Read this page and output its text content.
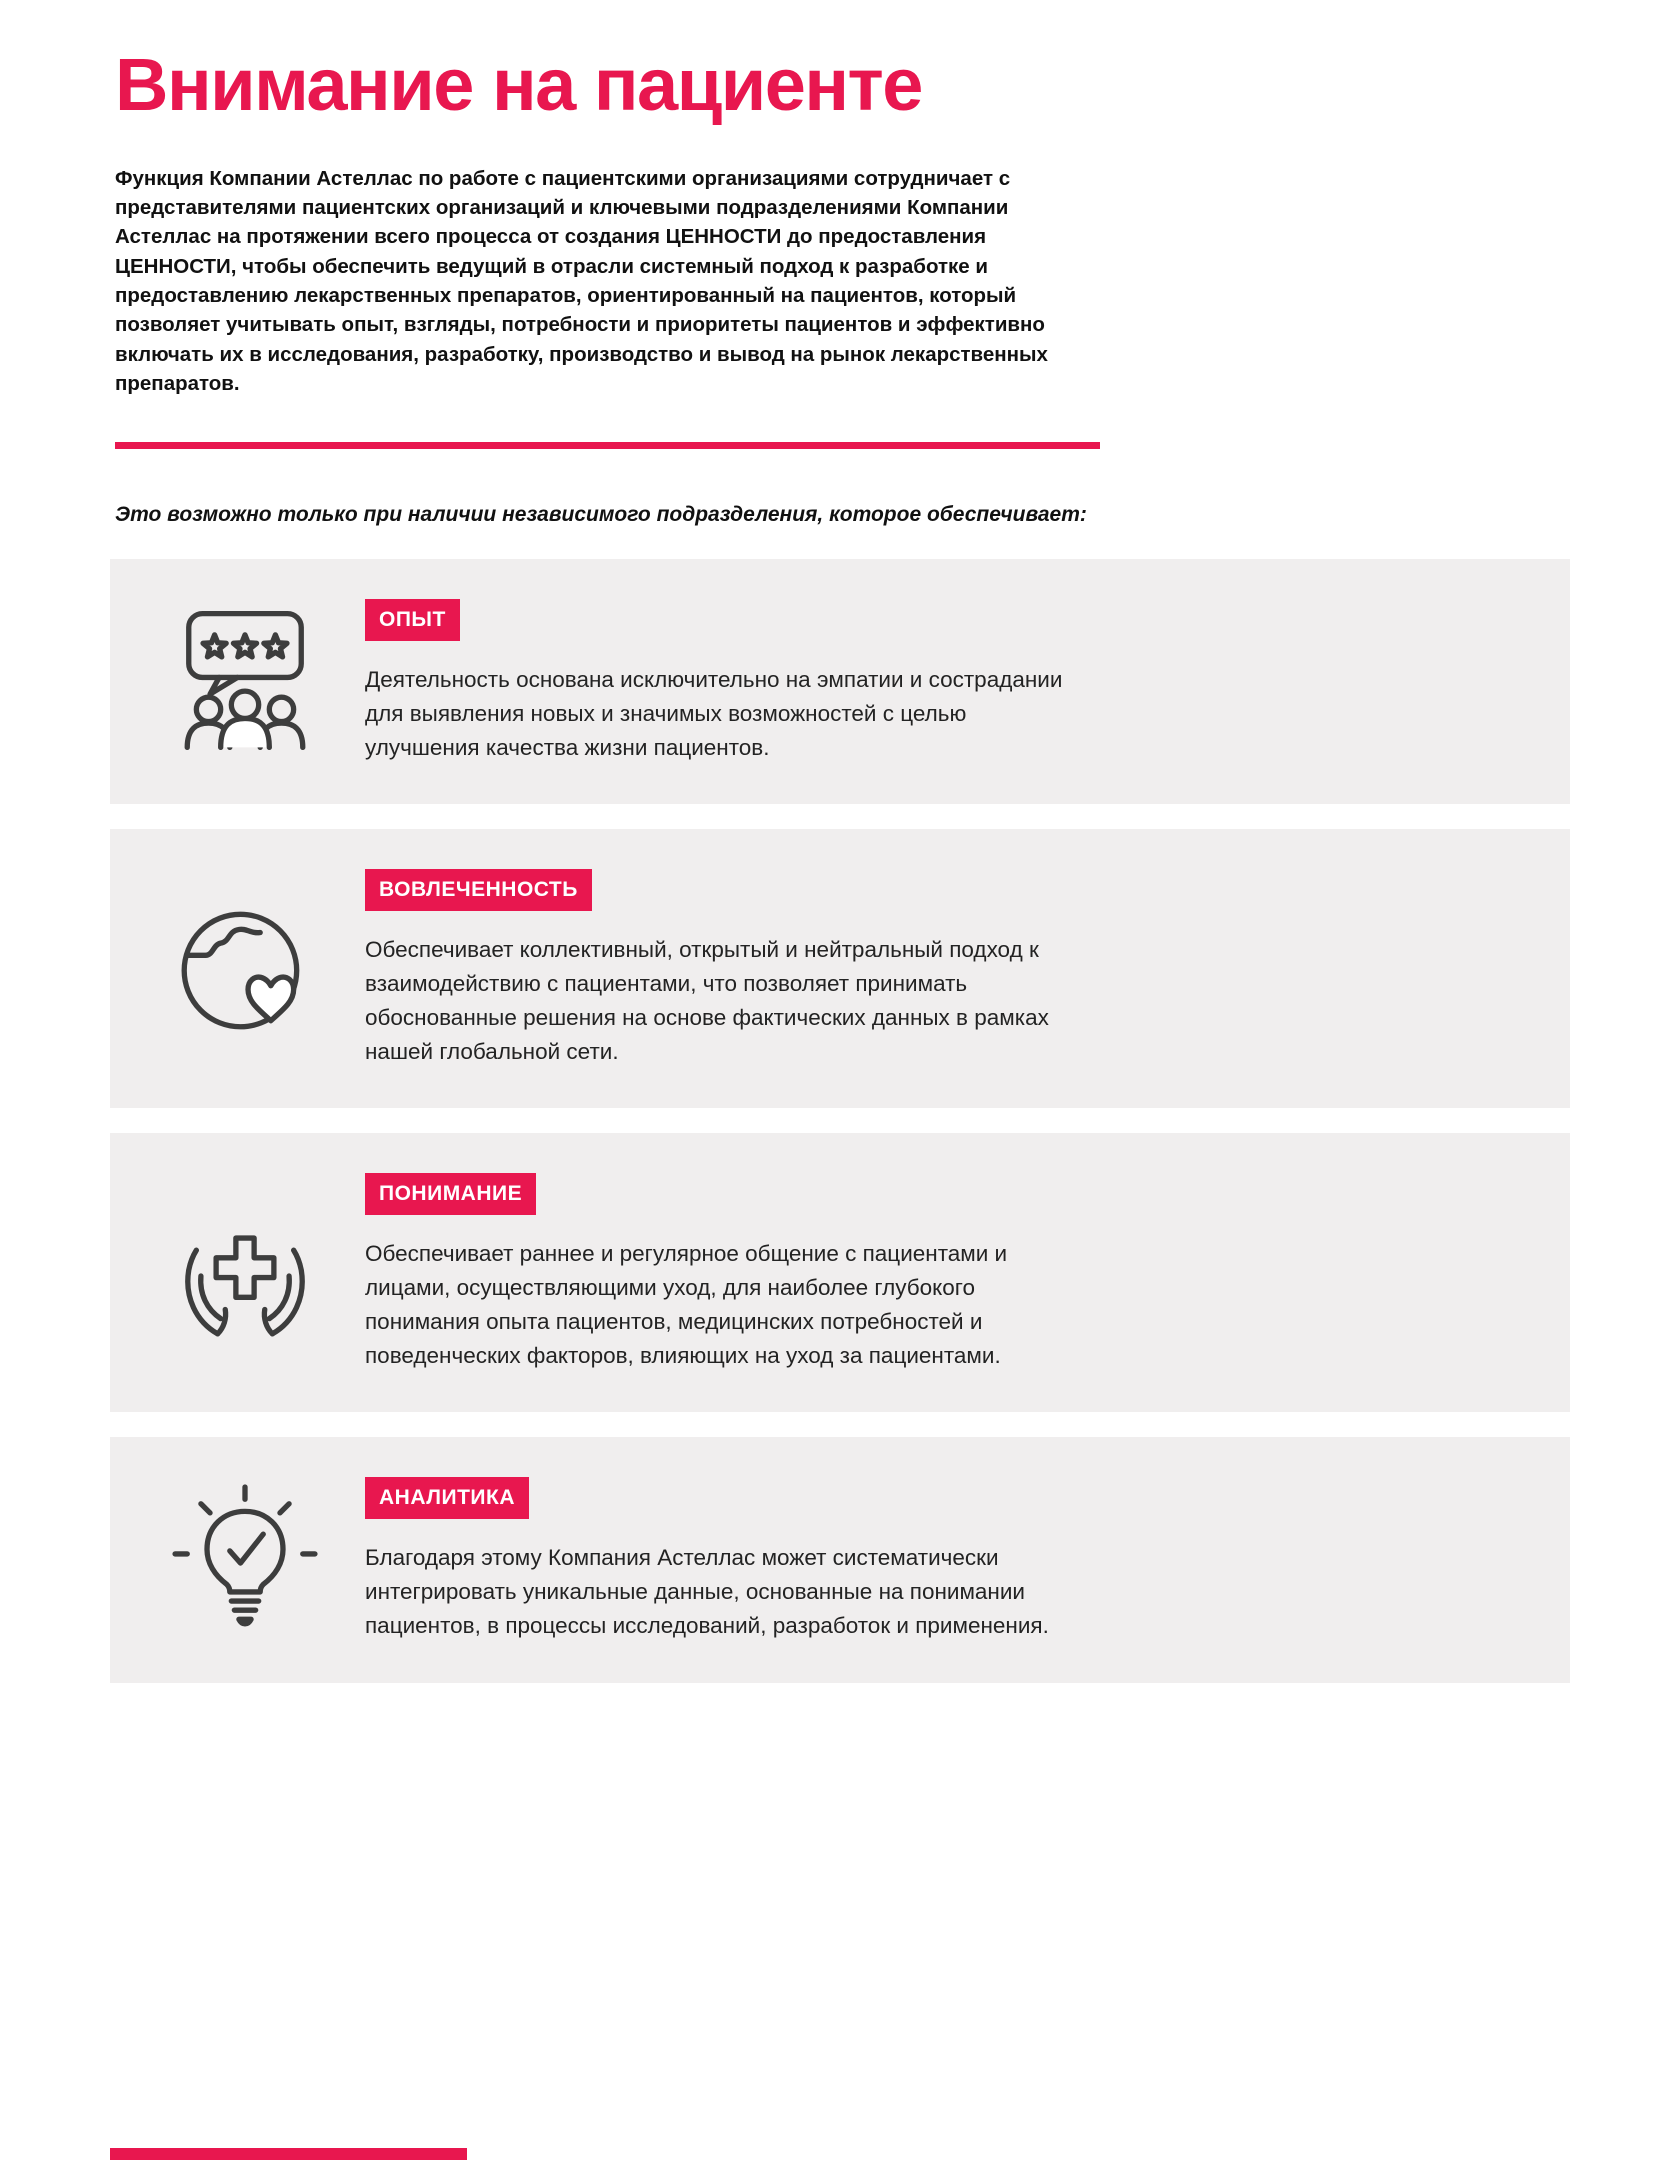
Внимание на пациенте

Функция Компании Астеллас по работе с пациентскими организациями сотрудничает с представителями пациентских организаций и ключевыми подразделениями Компании Астеллас на протяжении всего процесса от создания ЦЕННОСТИ до предоставления ЦЕННОСТИ, чтобы обеспечить ведущий в отрасли системный подход к разработке и предоставлению лекарственных препаратов, ориентированный на пациентов, который позволяет учитывать опыт, взгляды, потребности и приоритеты пациентов и эффективно включать их в исследования, разработку, производство и вывод на рынок лекарственных препаратов.

Это возможно только при наличии независимого подразделения, которое обеспечивает:

ОПЫТ
Деятельность основана исключительно на эмпатии и сострадании для выявления новых и значимых возможностей с целью улучшения качества жизни пациентов.
ВОВЛЕЧЕННОСТЬ
Обеспечивает коллективный, открытый и нейтральный подход к взаимодействию с пациентами, что позволяет принимать обоснованные решения на основе фактических данных в рамках нашей глобальной сети.
ПОНИМАНИЕ
Обеспечивает раннее и регулярное общение с пациентами и лицами, осуществляющими уход, для наиболее глубокого понимания опыта пациентов, медицинских потребностей и поведенческих факторов, влияющих на уход за пациентами.
АНАЛИТИКА
Благодаря этому Компания Астеллас может систематически интегрировать уникальные данные, основанные на понимании пациентов, в процессы исследований, разработок и применения.
